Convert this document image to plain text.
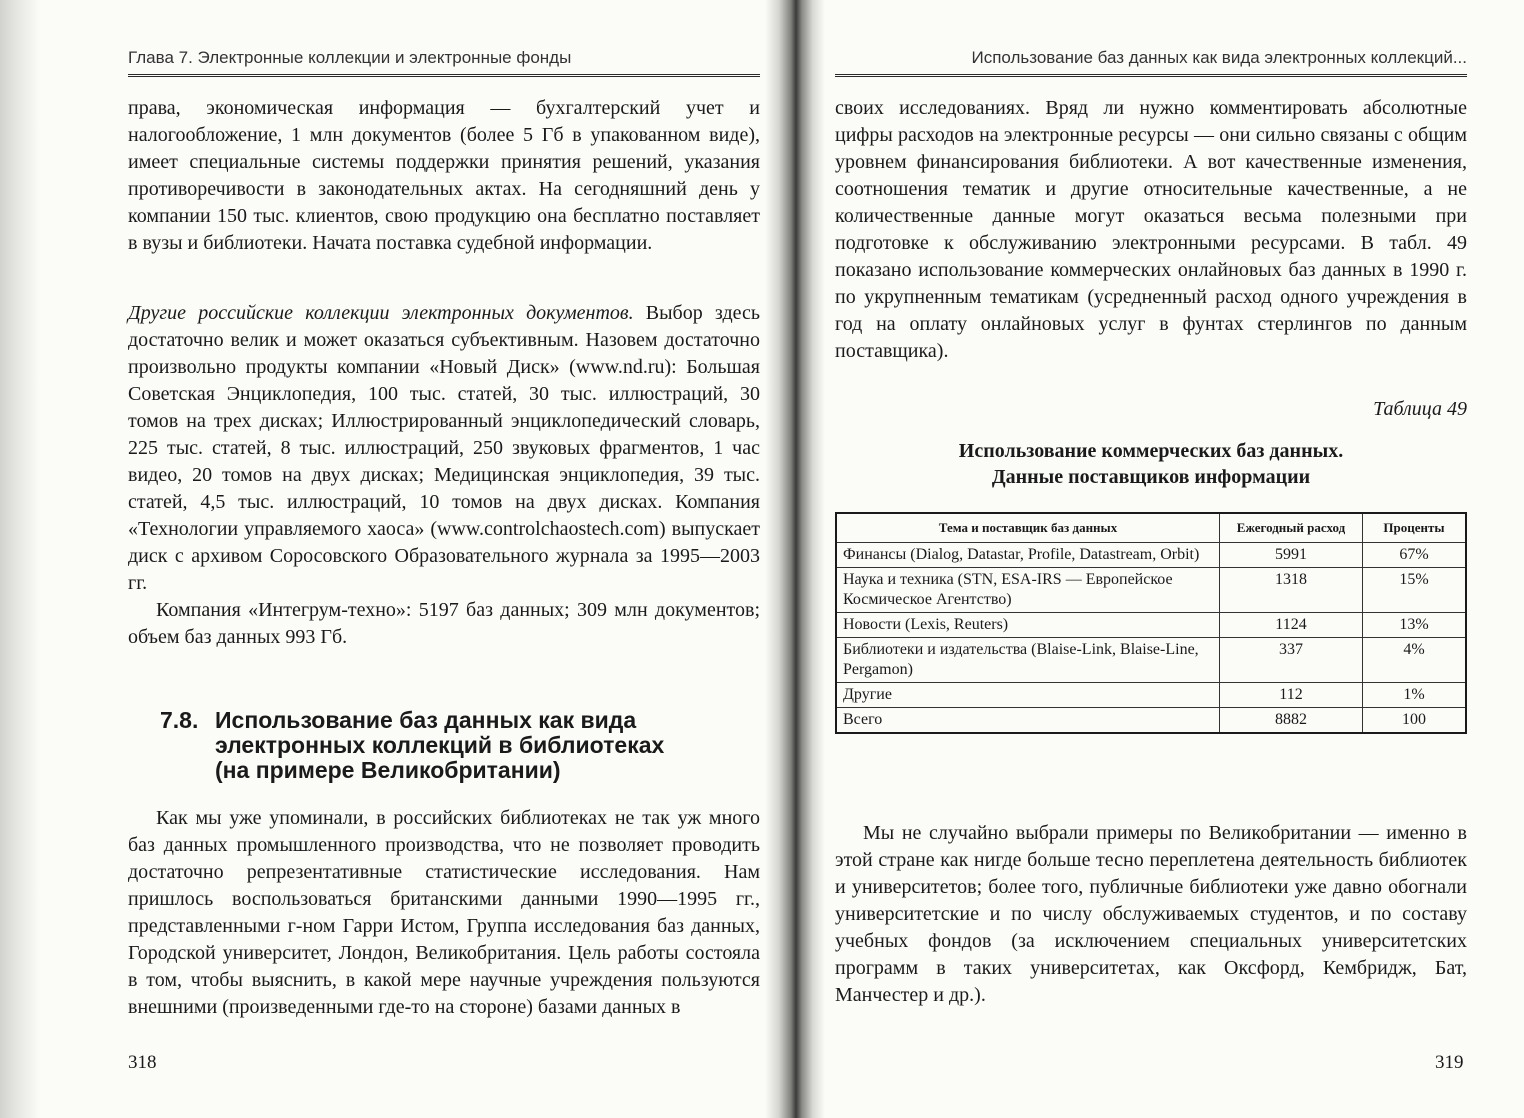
Глава 7. Электронные коллекции и электронные фонды

права, экономическая информация — бухгалтерский учет и налогообложение, 1 млн документов (более 5 Гб в упакованном виде), имеет специальные системы поддержки принятия решений, указания противоречивости в законодательных актах. На сегодняшний день у компании 150 тыс. клиентов, свою продукцию она бесплатно поставляет в вузы и библиотеки. Начата поставка судебной информации.

Другие российские коллекции электронных документов. Выбор здесь достаточно велик и может оказаться субъективным. Назовем достаточно произвольно продукты компании «Новый Диск» (www.nd.ru): Большая Советская Энциклопедия, 100 тыс. статей, 30 тыс. иллюстраций, 30 томов на трех дисках; Иллюстрированный энциклопедический словарь, 225 тыс. статей, 8 тыс. иллюстраций, 250 звуковых фрагментов, 1 час видео, 20 томов на двух дисках; Медицинская энциклопедия, 39 тыс. статей, 4,5 тыс. иллюстраций, 10 томов на двух дисках. Компания «Технологии управляемого хаоса» (www.controlchaostech.com) выпускает диск с архивом Соросовского Образовательного журнала за 1995—2003 гг.

Компания «Интегрум-техно»: 5197 баз данных; 309 млн документов; объем баз данных 993 Гб.

7.8. Использование баз данных как вида
электронных коллекций в библиотеках
(на примере Великобритании)

Как мы уже упоминали, в российских библиотеках не так уж много баз данных промышленного производства, что не позволяет проводить достаточно репрезентативные статистические исследования. Нам пришлось воспользоваться британскими данными 1990—1995 гг., представленными г-ном Гарри Истом, Группа исследования баз данных, Городской университет, Лондон, Великобритания. Цель работы состояла в том, чтобы выяснить, в какой мере научные учреждения пользуются внешними (произведенными где-то на стороне) базами данных в

318

Использование баз данных как вида электронных коллекций...

своих исследованиях. Вряд ли нужно комментировать абсолютные цифры расходов на электронные ресурсы — они сильно связаны с общим уровнем финансирования библиотеки. А вот качественные изменения, соотношения тематик и другие относительные качественные, а не количественные данные могут оказаться весьма полезными при подготовке к обслуживанию электронными ресурсами. В табл. 49 показано использование коммерческих онлайновых баз данных в 1990 г. по укрупненным тематикам (усредненный расход одного учреждения в год на оплату онлайновых услуг в фунтах стерлингов по данным поставщика).

Таблица 49

Использование коммерческих баз данных.
Данные поставщиков информации

Тема и поставщик баз данных	Ежегодный расход	Проценты
Финансы (Dialog, Datastar, Profile, Datastream, Orbit)	5991	67%
Наука и техника (STN, ESA-IRS — Европейское Космическое Агентство)	1318	15%
Новости (Lexis, Reuters)	1124	13%
Библиотеки и издательства (Blaise-Link, Blaise-Line, Pergamon)	337	4%
Другие	112	1%
Всего	8882	100

Мы не случайно выбрали примеры по Великобритании — именно в этой стране как нигде больше тесно переплетена деятельность библиотек и университетов; более того, публичные библиотеки уже давно обогнали университетские и по числу обслуживаемых студентов, и по составу учебных фондов (за исключением специальных университетских программ в таких университетах, как Оксфорд, Кембридж, Бат, Манчестер и др.).

319
